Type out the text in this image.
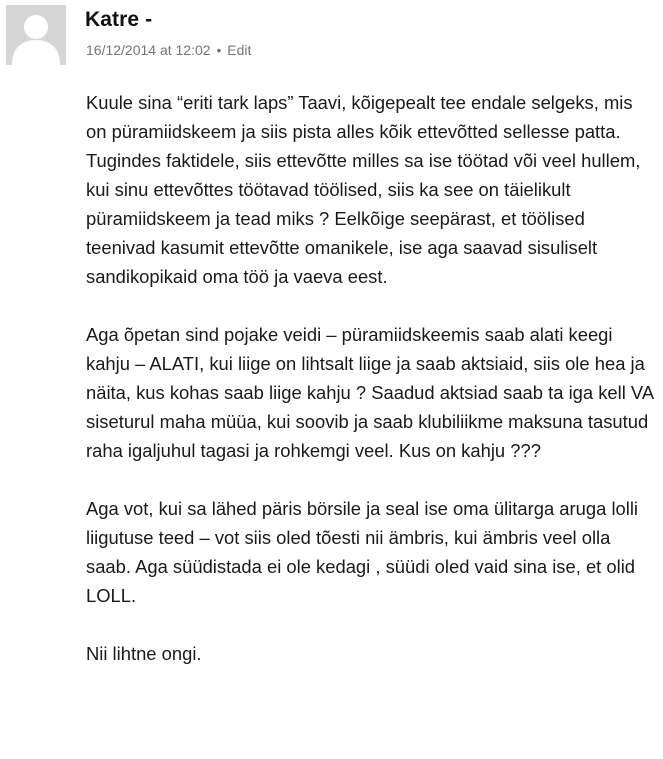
Katre -
16/12/2014 at 12:02 • Edit

Kuule sina “eriti tark laps” Taavi, kõigepealt tee endale selgeks, mis on püramiidskeem ja siis pista alles kõik ettevõtted sellesse patta.
Tugindes faktidele, siis ettevõtte milles sa ise töötad või veel hullem, kui sinu ettevõttes töötavad töölised, siis ka see on täielikult püramiidskeem ja tead miks ? Eelkõige seepärast, et töölised teenivad kasumit ettevõtte omanikele, ise aga saavad sisuliselt sandikopikaid oma töö ja vaeva eest.

Aga õpetan sind pojake veidi – püramiidskeemis saab alati keegi kahju – ALATI, kui liige on lihtsalt liige ja saab aktsiaid, siis ole hea ja näita, kus kohas saab liige kahju ? Saadud aktsiad saab ta iga kell VA siseturul maha müüa, kui soovib ja saab klubiliikme maksuna tasutud raha igaljuhul tagasi ja rohkemgi veel. Kus on kahju ???

Aga vot, kui sa lähed päris börsile ja seal ise oma ülitarga aruga lolli liigutuse teed – vot siis oled tõesti nii ämbris, kui ämbris veel olla saab. Aga süüdistada ei ole kedagi , süüdi oled vaid sina ise, et olid LOLL.

Nii lihtne ongi.
